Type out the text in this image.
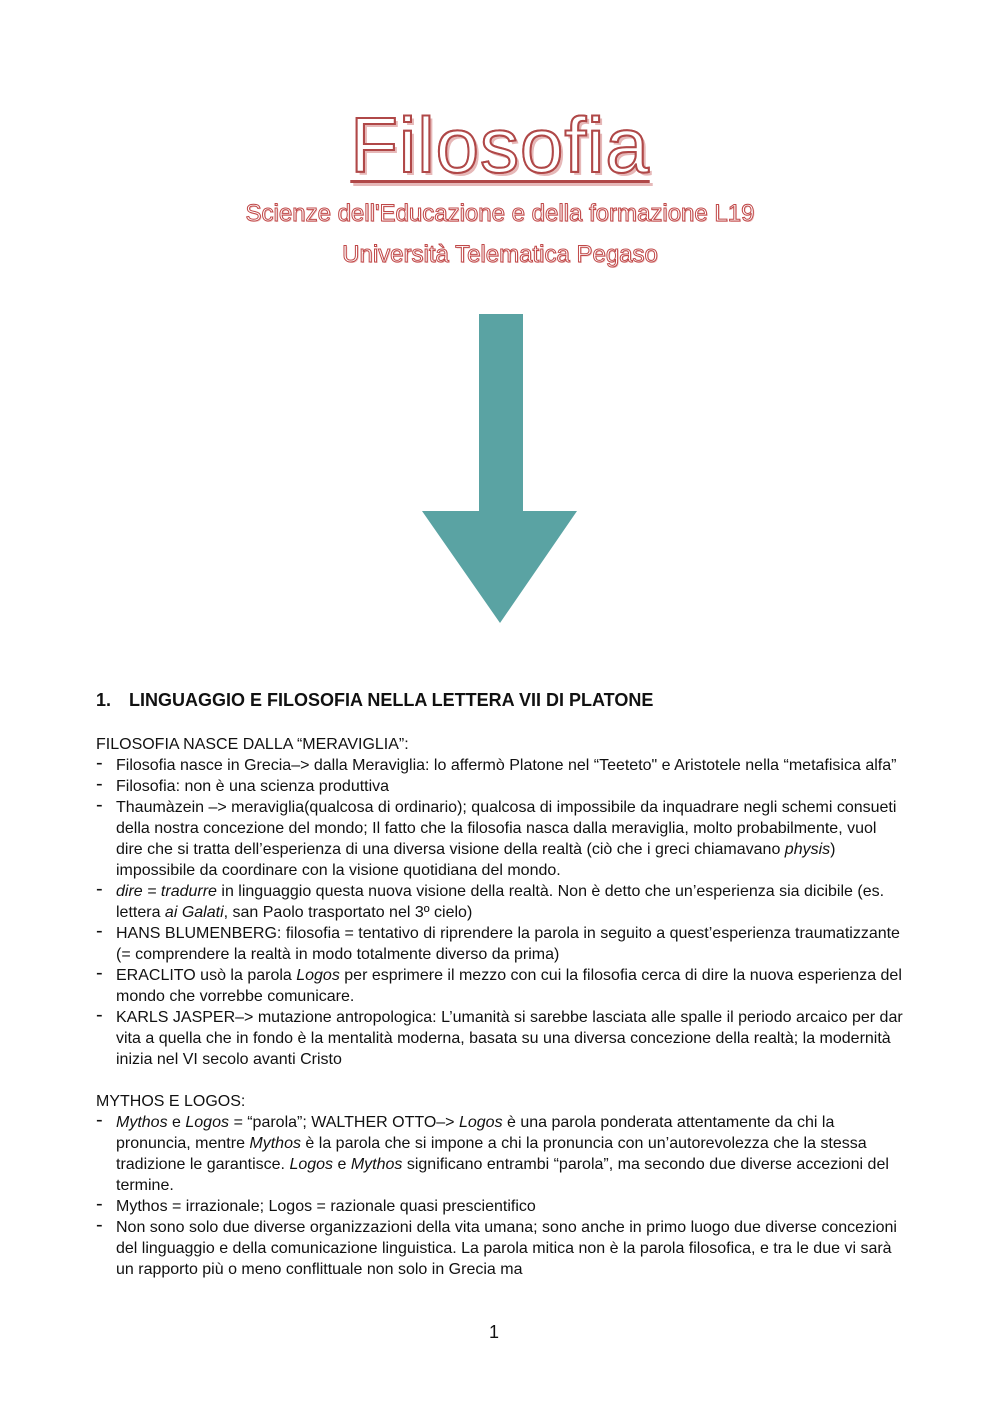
Filosofia
Scienze dell'Educazione e della formazione L19
Università Telematica Pegaso
1. LINGUAGGIO E FILOSOFIA NELLA LETTERA VII DI PLATONE

FILOSOFIA NASCE DALLA “MERAVIGLIA”:

- Filosofia nasce in Grecia–> dalla Meraviglia: lo affermò Platone nel “Teeteto" e Aristotele nella “metafisica alfa”
- Filosofia: non è una scienza produttiva
- Thaumàzein –> meraviglia(qualcosa di ordinario); qualcosa di impossibile da inquadrare negli schemi consueti della nostra concezione del mondo; Il fatto che la filosofia nasca dalla meraviglia, molto probabilmente, vuol dire che si tratta dell’esperienza di una diversa visione della realtà (ciò che i greci chiamavano physis) impossibile da coordinare con la visione quotidiana del mondo.
- dire = tradurre in linguaggio questa nuova visione della realtà. Non è detto che un’esperienza sia dicibile (es. lettera ai Galati, san Paolo trasportato nel 3º cielo)
- HANS BLUMENBERG: filosofia = tentativo di riprendere la parola in seguito a quest’esperienza traumatizzante (= comprendere la realtà in modo totalmente diverso da prima)
- ERACLITO usò la parola Logos per esprimere il mezzo con cui la filosofia cerca di dire la nuova esperienza del mondo che vorrebbe comunicare.
- KARLS JASPER–> mutazione antropologica: L’umanità si sarebbe lasciata alle spalle il periodo arcaico per dar vita a quella che in fondo è la mentalità moderna, basata su una diversa concezione della realtà; la modernità inizia nel VI secolo avanti Cristo

MYTHOS E LOGOS:

- Mythos e Logos = “parola”; WALTHER OTTO–> Logos è una parola ponderata attentamente da chi la pronuncia, mentre Mythos è la parola che si impone a chi la pronuncia con un’autorevolezza che la stessa tradizione le garantisce. Logos e Mythos significano entrambi “parola”, ma secondo due diverse accezioni del termine.
- Mythos = irrazionale; Logos = razionale quasi prescientifico
- Non sono solo due diverse organizzazioni della vita umana; sono anche in primo luogo due diverse concezioni del linguaggio e della comunicazione linguistica. La parola mitica non è la parola filosofica, e tra le due vi sarà un rapporto più o meno conflittuale non solo in Grecia ma
1
